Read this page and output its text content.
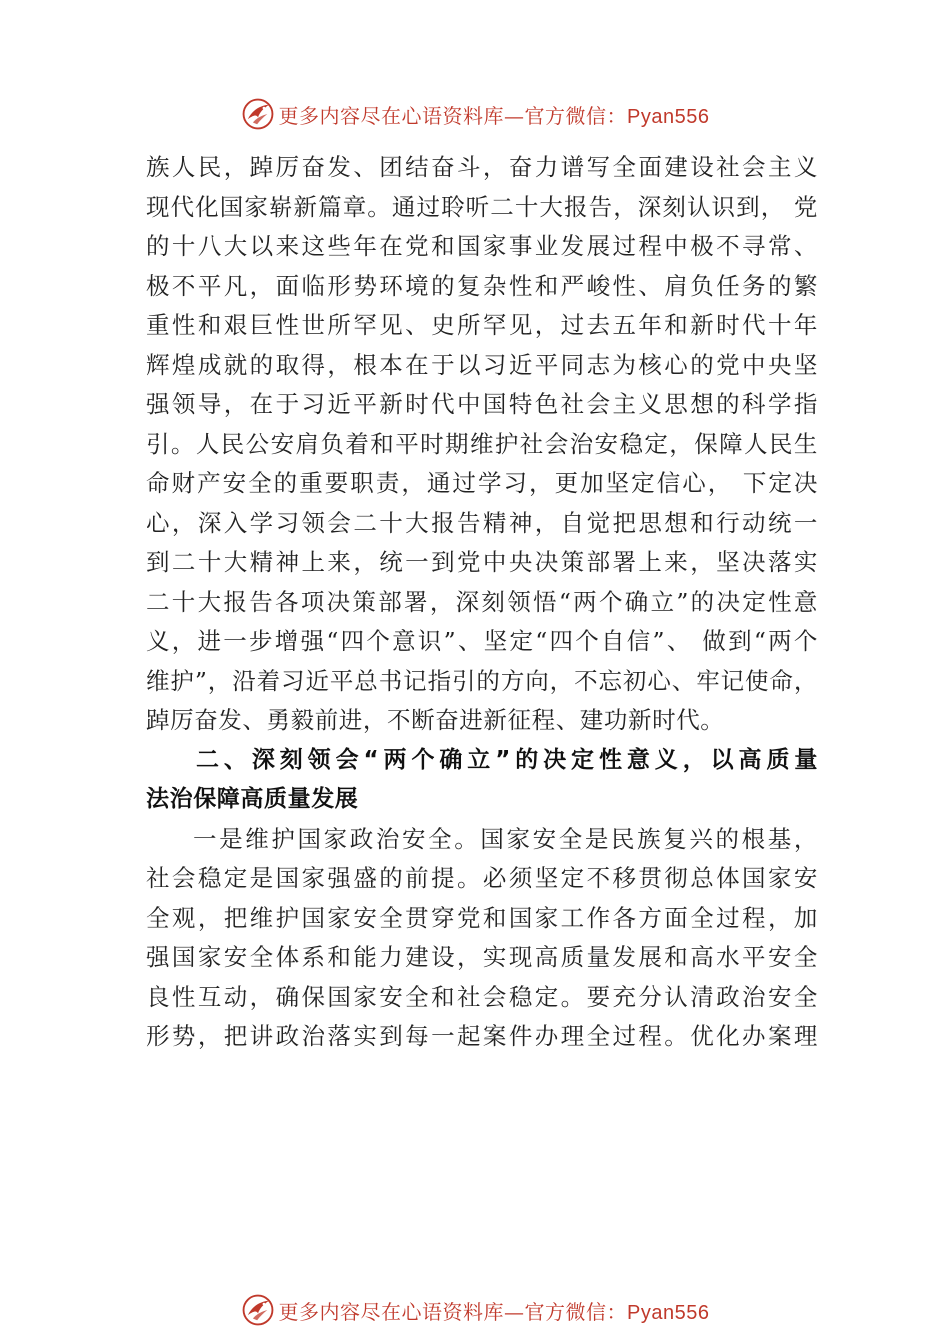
更多内容尽在心语资料库—官方微信：Pyan556
族人民，踔厉奋发、团结奋斗，奋力谱写全面建设社会主义
现代化国家崭新篇章。通过聆听二十大报告，深刻认识到， 党
的十八大以来这些年在党和国家事业发展过程中极不寻常、
极不平凡，面临形势环境的复杂性和严峻性、肩负任务的繁
重性和艰巨性世所罕见、史所罕见，过去五年和新时代十年
辉煌成就的取得，根本在于以习近平同志为核心的党中央坚
强领导，在于习近平新时代中国特色社会主义思想的科学指
引。人民公安肩负着和平时期维护社会治安稳定，保障人民生
命财产安全的重要职责，通过学习，更加坚定信心， 下定决
心，深入学习领会二十大报告精神，自觉把思想和行动统一
到二十大精神上来，统一到党中央决策部署上来，坚决落实
二十大报告各项决策部署，深刻领悟“两个确立”的决定性意
义，进一步增强“四个意识”、坚定“四个自信”、 做到“两个
维护”，沿着习近平总书记指引的方向，不忘初心、牢记使命，
踔厉奋发、勇毅前进，不断奋进新征程、建功新时代。
二、深刻领会“两个确立”的决定性意义，以高质量
法治保障高质量发展
一是维护国家政治安全。国家安全是民族复兴的根基，
社会稳定是国家强盛的前提。必须坚定不移贯彻总体国家安
全观，把维护国家安全贯穿党和国家工作各方面全过程，加
强国家安全体系和能力建设，实现高质量发展和高水平安全
良性互动，确保国家安全和社会稳定。要充分认清政治安全
形势，把讲政治落实到每一起案件办理全过程。优化办案理
更多内容尽在心语资料库—官方微信：Pyan556
